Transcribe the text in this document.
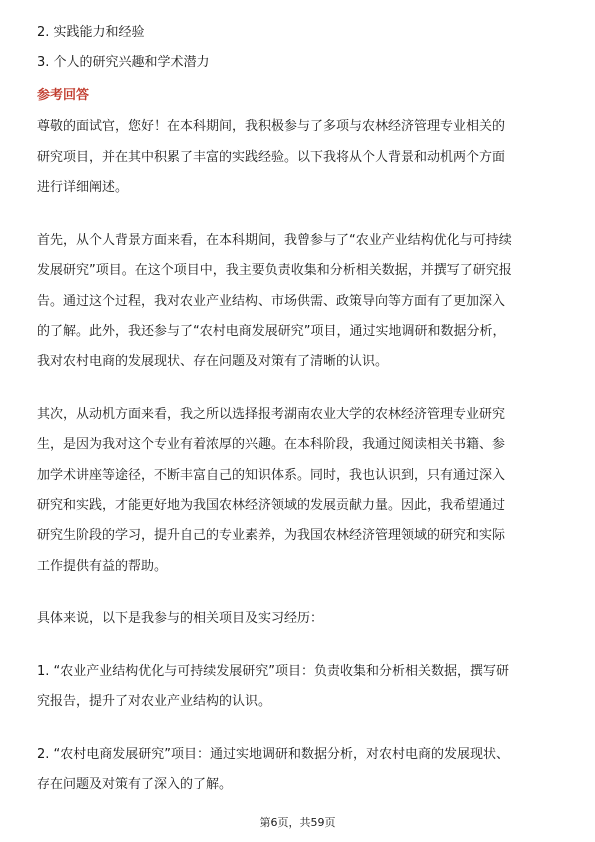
2. 实践能力和经验
3. 个人的研究兴趣和学术潜力
参考回答
尊敬的面试官，您好！在本科期间，我积极参与了多项与农林经济管理专业相关的
研究项目，并在其中积累了丰富的实践经验。以下我将从个人背景和动机两个方面
进行详细阐述。
首先，从个人背景方面来看，在本科期间，我曾参与了“农业产业结构优化与可持续
发展研究”项目。在这个项目中，我主要负责收集和分析相关数据，并撰写了研究报
告。通过这个过程，我对农业产业结构、市场供需、政策导向等方面有了更加深入
的了解。此外，我还参与了“农村电商发展研究”项目，通过实地调研和数据分析，
我对农村电商的发展现状、存在问题及对策有了清晰的认识。
其次，从动机方面来看，我之所以选择报考湖南农业大学的农林经济管理专业研究
生，是因为我对这个专业有着浓厚的兴趣。在本科阶段，我通过阅读相关书籍、参
加学术讲座等途径，不断丰富自己的知识体系。同时，我也认识到，只有通过深入
研究和实践，才能更好地为我国农林经济领域的发展贡献力量。因此，我希望通过
研究生阶段的学习，提升自己的专业素养，为我国农林经济管理领域的研究和实际
工作提供有益的帮助。
具体来说，以下是我参与的相关项目及实习经历：
1. “农业产业结构优化与可持续发展研究”项目：负责收集和分析相关数据，撰写研
究报告，提升了对农业产业结构的认识。
2. “农村电商发展研究”项目：通过实地调研和数据分析，对农村电商的发展现状、
存在问题及对策有了深入的了解。
第6页，共59页
